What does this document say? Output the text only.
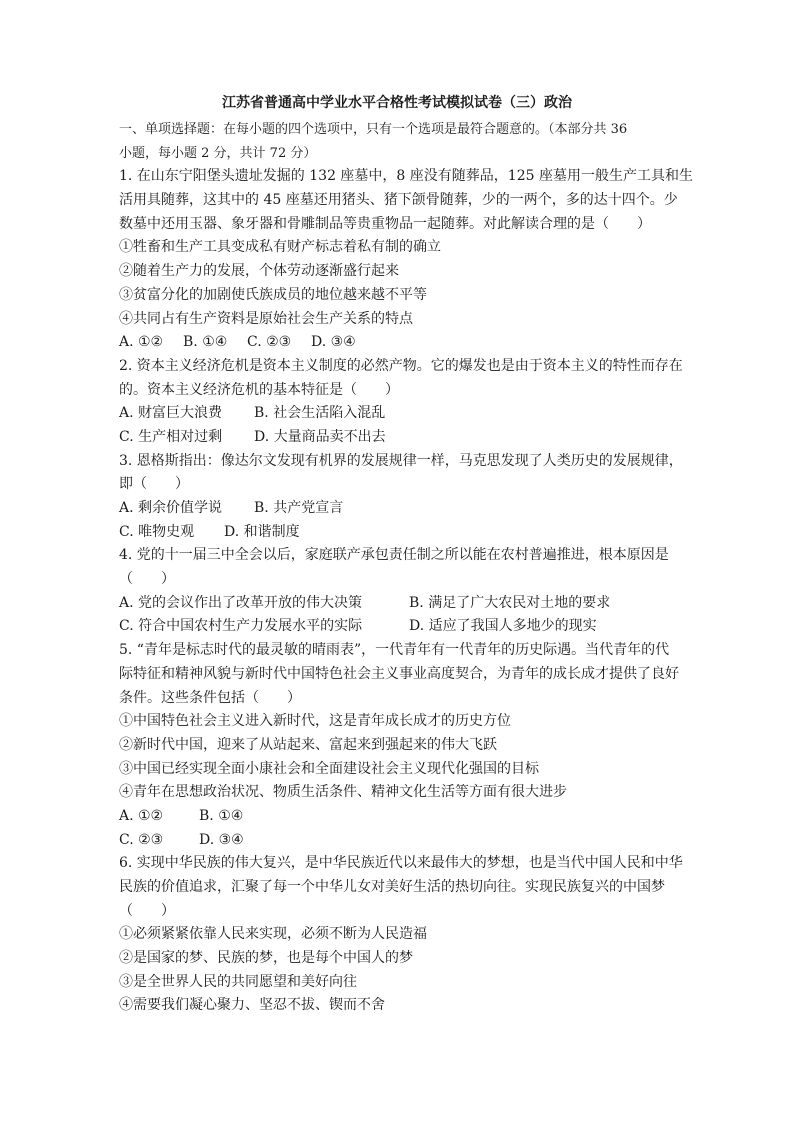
江苏省普通高中学业水平合格性考试模拟试卷（三）政治
一、单项选择题：在每小题的四个选项中，只有一个选项是最符合题意的。（本部分共 36
小题，每小题 2 分，共计 72 分）
1. 在山东宁阳堡头遗址发掘的 132 座墓中，8 座没有随葬品，125 座墓用一般生产工具和生
活用具随葬，这其中的 45 座墓还用猪头、猪下颌骨随葬，少的一两个，多的达十四个。少
数墓中还用玉器、象牙器和骨雕制品等贵重物品一起随葬。对此解读合理的是（　　）
①牲畜和生产工具变成私有财产标志着私有制的确立
②随着生产力的发展，个体劳动逐渐盛行起来
③贫富分化的加剧使氏族成员的地位越来越不平等
④共同占有生产资料是原始社会生产关系的特点
A. ①② B. ①④ C. ②③ D. ③④
2. 资本主义经济危机是资本主义制度的必然产物。它的爆发也是由于资本主义的特性而存在
的。资本主义经济危机的基本特征是（　　）
A. 财富巨大浪费 B. 社会生活陷入混乱
C. 生产相对过剩 D. 大量商品卖不出去
3. 恩格斯指出：像达尔文发现有机界的发展规律一样，马克思发现了人类历史的发展规律，
即（　　）
A. 剩余价值学说 B. 共产党宣言
C. 唯物史观 D. 和谐制度
4. 党的十一届三中全会以后，家庭联产承包责任制之所以能在农村普遍推进，根本原因是
（　　）
A. 党的会议作出了改革开放的伟大决策	B. 满足了广大农民对土地的要求
C. 符合中国农村生产力发展水平的实际	D. 适应了我国人多地少的现实
5. “青年是标志时代的最灵敏的晴雨表”，一代青年有一代青年的历史际遇。当代青年的代
际特征和精神风貌与新时代中国特色社会主义事业高度契合，为青年的成长成才提供了良好
条件。这些条件包括（　　）
①中国特色社会主义进入新时代，这是青年成长成才的历史方位
②新时代中国，迎来了从站起来、富起来到强起来的伟大飞跃
③中国已经实现全面小康社会和全面建设社会主义现代化强国的目标
④青年在思想政治状况、物质生活条件、精神文化生活等方面有很大进步
A. ①②	B. ①④
C. ②③	D. ③④
6. 实现中华民族的伟大复兴，是中华民族近代以来最伟大的梦想，也是当代中国人民和中华
民族的价值追求，汇聚了每一个中华儿女对美好生活的热切向往。实现民族复兴的中国梦
（　　）
①必须紧紧依靠人民来实现，必须不断为人民造福
②是国家的梦、民族的梦，也是每个中国人的梦
③是全世界人民的共同愿望和美好向往
④需要我们凝心聚力、坚忍不拔、锲而不舍
